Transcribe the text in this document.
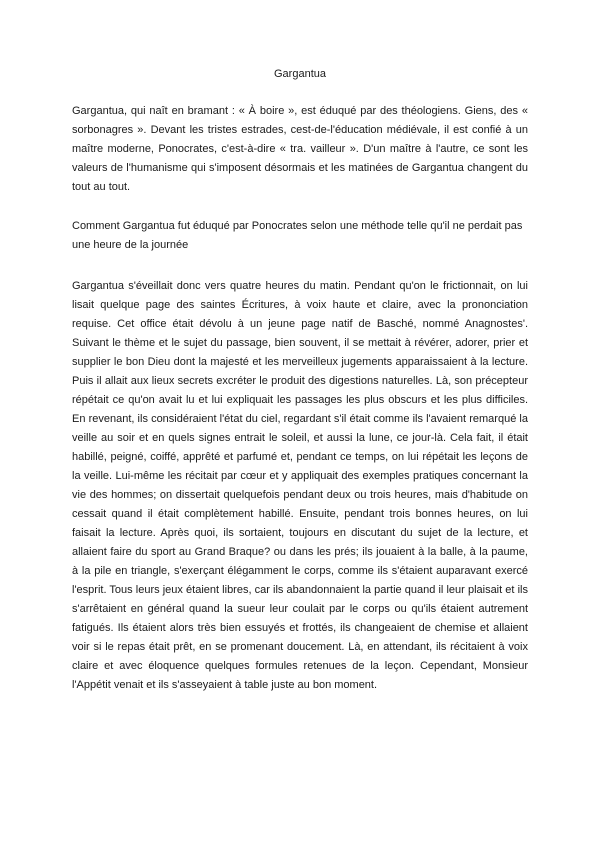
Gargantua

Gargantua, qui naît en bramant : « À boire », est éduqué par des théologiens. Giens, des « sorbonagres ». Devant les tristes estrades, cest-de-l'éducation médiévale, il est confié à un maître moderne, Ponocrates, c'est-à-dire « tra. vailleur ». D'un maître à l'autre, ce sont les valeurs de l'humanisme qui s'imposent désormais et les matinées de Gargantua changent du tout au tout.

Comment Gargantua fut éduqué par Ponocrates selon une méthode telle qu'il ne perdait pas une heure de la journée

Gargantua s'éveillait donc vers quatre heures du matin. Pendant qu'on le frictionnait, on lui lisait quelque page des saintes Écritures, à voix haute et claire, avec la prononciation requise. Cet office était dévolu à un jeune page natif de Basché, nommé Anagnostes'. Suivant le thème et le sujet du passage, bien souvent, il se mettait à révérer, adorer, prier et supplier le bon Dieu dont la majesté et les merveilleux jugements apparaissaient à la lecture. Puis il allait aux lieux secrets excréter le produit des digestions naturelles. Là, son précepteur répétait ce qu'on avait lu et lui expliquait les passages les plus obscurs et les plus difficiles. En revenant, ils considéraient l'état du ciel, regardant s'il était comme ils l'avaient remarqué la veille au soir et en quels signes entrait le soleil, et aussi la lune, ce jour-là. Cela fait, il était habillé, peigné, coiffé, apprêté et parfumé et, pendant ce temps, on lui répétait les leçons de la veille. Lui-même les récitait par cœur et y appliquait des exemples pratiques concernant la vie des hommes; on dissertait quelquefois pendant deux ou trois heures, mais d'habitude on cessait quand il était complètement habillé. Ensuite, pendant trois bonnes heures, on lui faisait la lecture. Après quoi, ils sortaient, toujours en discutant du sujet de la lecture, et allaient faire du sport au Grand Braque? ou dans les prés; ils jouaient à la balle, à la paume, à la pile en triangle, s'exerçant élégamment le corps, comme ils s'étaient auparavant exercé l'esprit. Tous leurs jeux étaient libres, car ils abandonnaient la partie quand il leur plaisait et ils s'arrêtaient en général quand la sueur leur coulait par le corps ou qu'ils étaient autrement fatigués. Ils étaient alors très bien essuyés et frottés, ils changeaient de chemise et allaient voir si le repas était prêt, en se promenant doucement. Là, en attendant, ils récitaient à voix claire et avec éloquence quelques formules retenues de la leçon. Cependant, Monsieur l'Appétit venait et ils s'asseyaient à table juste au bon moment.
